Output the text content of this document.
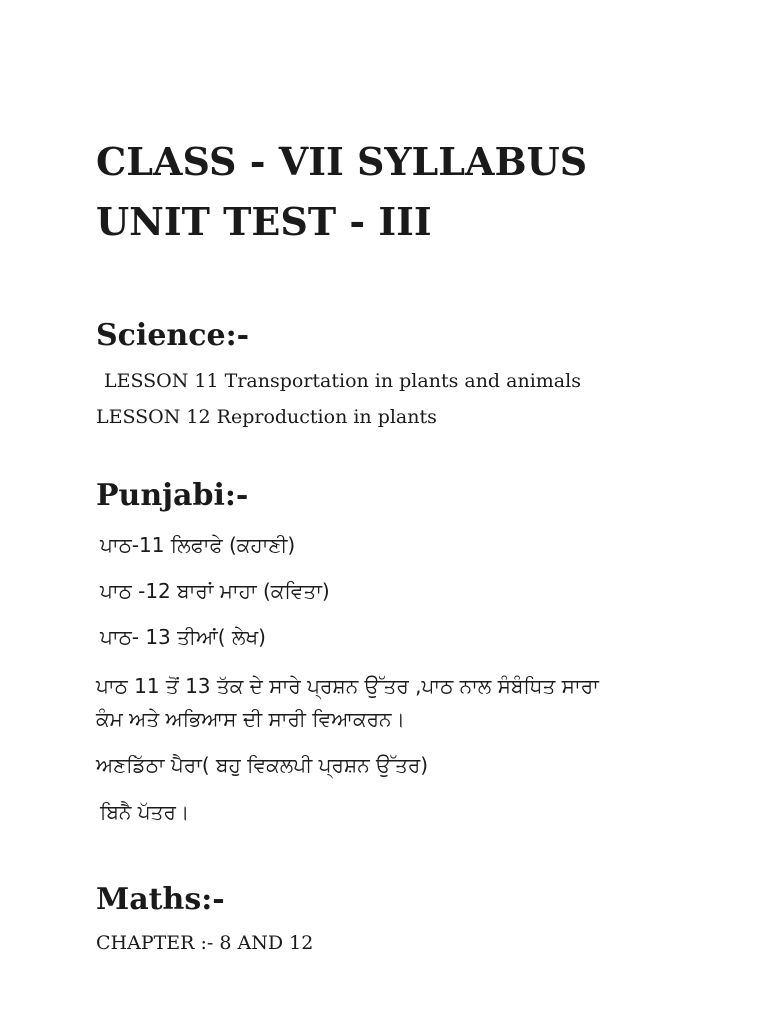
CLASS - VII SYLLABUS
UNIT TEST - III
Science:-
LESSON 11 Transportation in plants and animals
LESSON 12 Reproduction in plants
Punjabi:-
ਪਾਠ-11 ਲਿਫਾਫੇ (ਕਹਾਣੀ)
ਪਾਠ -12 ਬਾਰਾਂ ਮਾਹਾ (ਕਵਿਤਾ)
ਪਾਠ- 13 ਤੀਆਂ( ਲੇਖ)
ਪਾਠ 11 ਤੋਂ 13 ਤੱਕ ਦੇ ਸਾਰੇ ਪ੍ਰਸ਼ਨ ਉੱਤਰ ,ਪਾਠ ਨਾਲ ਸੰਬੰਧਿਤ ਸਾਰਾ
ਕੰਮ ਅਤੇ ਅਭਿਆਸ ਦੀ ਸਾਰੀ ਵਿਆਕਰਨ।
ਅਣਡਿੱਠਾ ਪੈਰਾ( ਬਹੁ ਵਿਕਲਪੀ ਪ੍ਰਸ਼ਨ ਉੱਤਰ)
ਬਿਨੈ ਪੱਤਰ।
Maths:-
CHAPTER :- 8 AND 12
